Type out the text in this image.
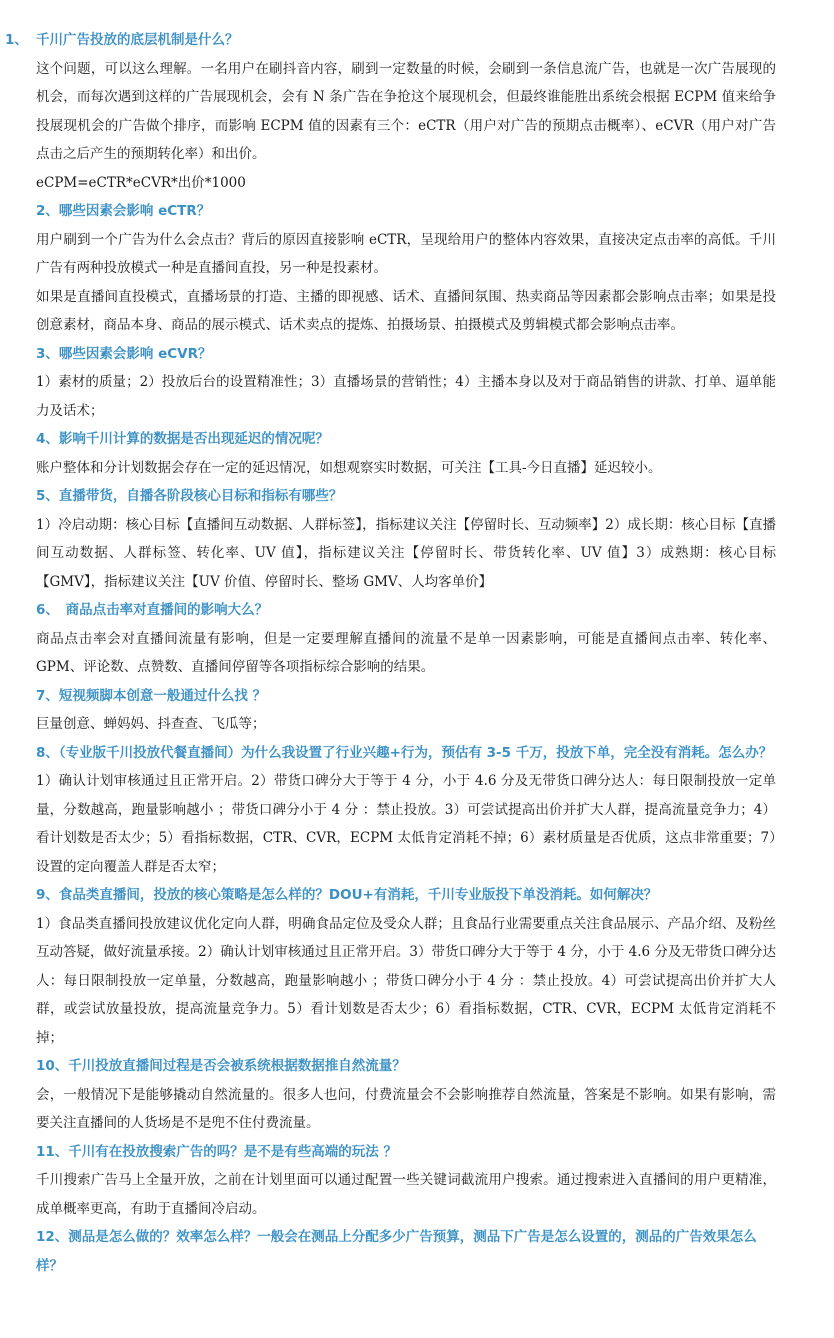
1、 千川广告投放的底层机制是什么？

这个问题，可以这么理解。一名用户在刷抖音内容，刷到一定数量的时候，会刷到一条信息流广告，也就是一次广告展现的机会，而每次遇到这样的广告展现机会，会有 N 条广告在争抢这个展现机会，但最终谁能胜出系统会根据 ECPM 值来给争投展现机会的广告做个排序，而影响 ECPM 值的因素有三个：eCTR（用户对广告的预期点击概率）、eCVR（用户对广告点击之后产生的预期转化率）和出价。

eCPM=eCTR*eCVR*出价*1000

2、哪些因素会影响 eCTR？

用户刷到一个广告为什么会点击？背后的原因直接影响 eCTR，呈现给用户的整体内容效果，直接决定点击率的高低。千川广告有两种投放模式一种是直播间直投，另一种是投素材。

如果是直播间直投模式，直播场景的打造、主播的即视感、话术、直播间氛围、热卖商品等因素都会影响点击率；如果是投创意素材，商品本身、商品的展示模式、话术卖点的提炼、拍摄场景、拍摄模式及剪辑模式都会影响点击率。

3、哪些因素会影响 eCVR？

1）素材的质量；2）投放后台的设置精准性；3）直播场景的营销性；4）主播本身以及对于商品销售的讲款、打单、逼单能力及话术；

4、影响千川计算的数据是否出现延迟的情况呢？

账户整体和分计划数据会存在一定的延迟情况，如想观察实时数据，可关注【工具-今日直播】延迟较小。

5、直播带货，自播各阶段核心目标和指标有哪些？

1）冷启动期：核心目标【直播间互动数据、人群标签】，指标建议关注【停留时长、互动频率】2）成长期：核心目标【直播间互动数据、人群标签、转化率、UV 值】，指标建议关注【停留时长、带货转化率、UV 值】3）成熟期：核心目标【GMV】，指标建议关注【UV 价值、停留时长、整场 GMV、人均客单价】

6、　商品点击率对直播间的影响大么？

商品点击率会对直播间流量有影响，但是一定要理解直播间的流量不是单一因素影响，可能是直播间点击率、转化率、GPM、评论数、点赞数、直播间停留等各项指标综合影响的结果。

7、短视频脚本创意一般通过什么找 ？

巨量创意、蝉妈妈、抖查查、飞瓜等；

8、（专业版千川投放代餐直播间）为什么我设置了行业兴趣+行为，预估有 3-5 千万，投放下单，完全没有消耗。怎么办？

1）确认计划审核通过且正常开启。2）带货口碑分大于等于 4 分，小于 4.6 分及无带货口碑分达人：每日限制投放一定单量，分数越高，跑量影响越小 ；带货口碑分小于 4 分 ：禁止投放。3）可尝试提高出价并扩大人群，提高流量竞争力；4）看计划数是否太少；5）看指标数据，CTR、CVR，ECPM 太低肯定消耗不掉；6）素材质量是否优质，这点非常重要；7）设置的定向覆盖人群是否太窄；

9、食品类直播间，投放的核心策略是怎么样的？DOU+有消耗，千川专业版投下单没消耗。如何解决？

1）食品类直播间投放建议优化定向人群，明确食品定位及受众人群；且食品行业需要重点关注食品展示、产品介绍、及粉丝互动答疑，做好流量承接。2）确认计划审核通过且正常开启。3）带货口碑分大于等于 4 分，小于 4.6 分及无带货口碑分达人：每日限制投放一定单量，分数越高，跑量影响越小 ；带货口碑分小于 4 分 ：禁止投放。4）可尝试提高出价并扩大人群，或尝试放量投放，提高流量竞争力。5）看计划数是否太少；6）看指标数据，CTR、CVR，ECPM 太低肯定消耗不掉；

10、千川投放直播间过程是否会被系统根据数据推自然流量？

会，一般情况下是能够撬动自然流量的。很多人也问，付费流量会不会影响推荐自然流量，答案是不影响。如果有影响，需要关注直播间的人货场是不是兜不住付费流量。

11、千川有在投放搜索广告的吗？是不是有些高端的玩法 ？

千川搜索广告马上全量开放，之前在计划里面可以通过配置一些关键词截流用户搜索。通过搜索进入直播间的用户更精准，成单概率更高，有助于直播间冷启动。

12、测品是怎么做的？效率怎么样？一般会在测品上分配多少广告预算，测品下广告是怎么设置的，测品的广告效果怎么样？
